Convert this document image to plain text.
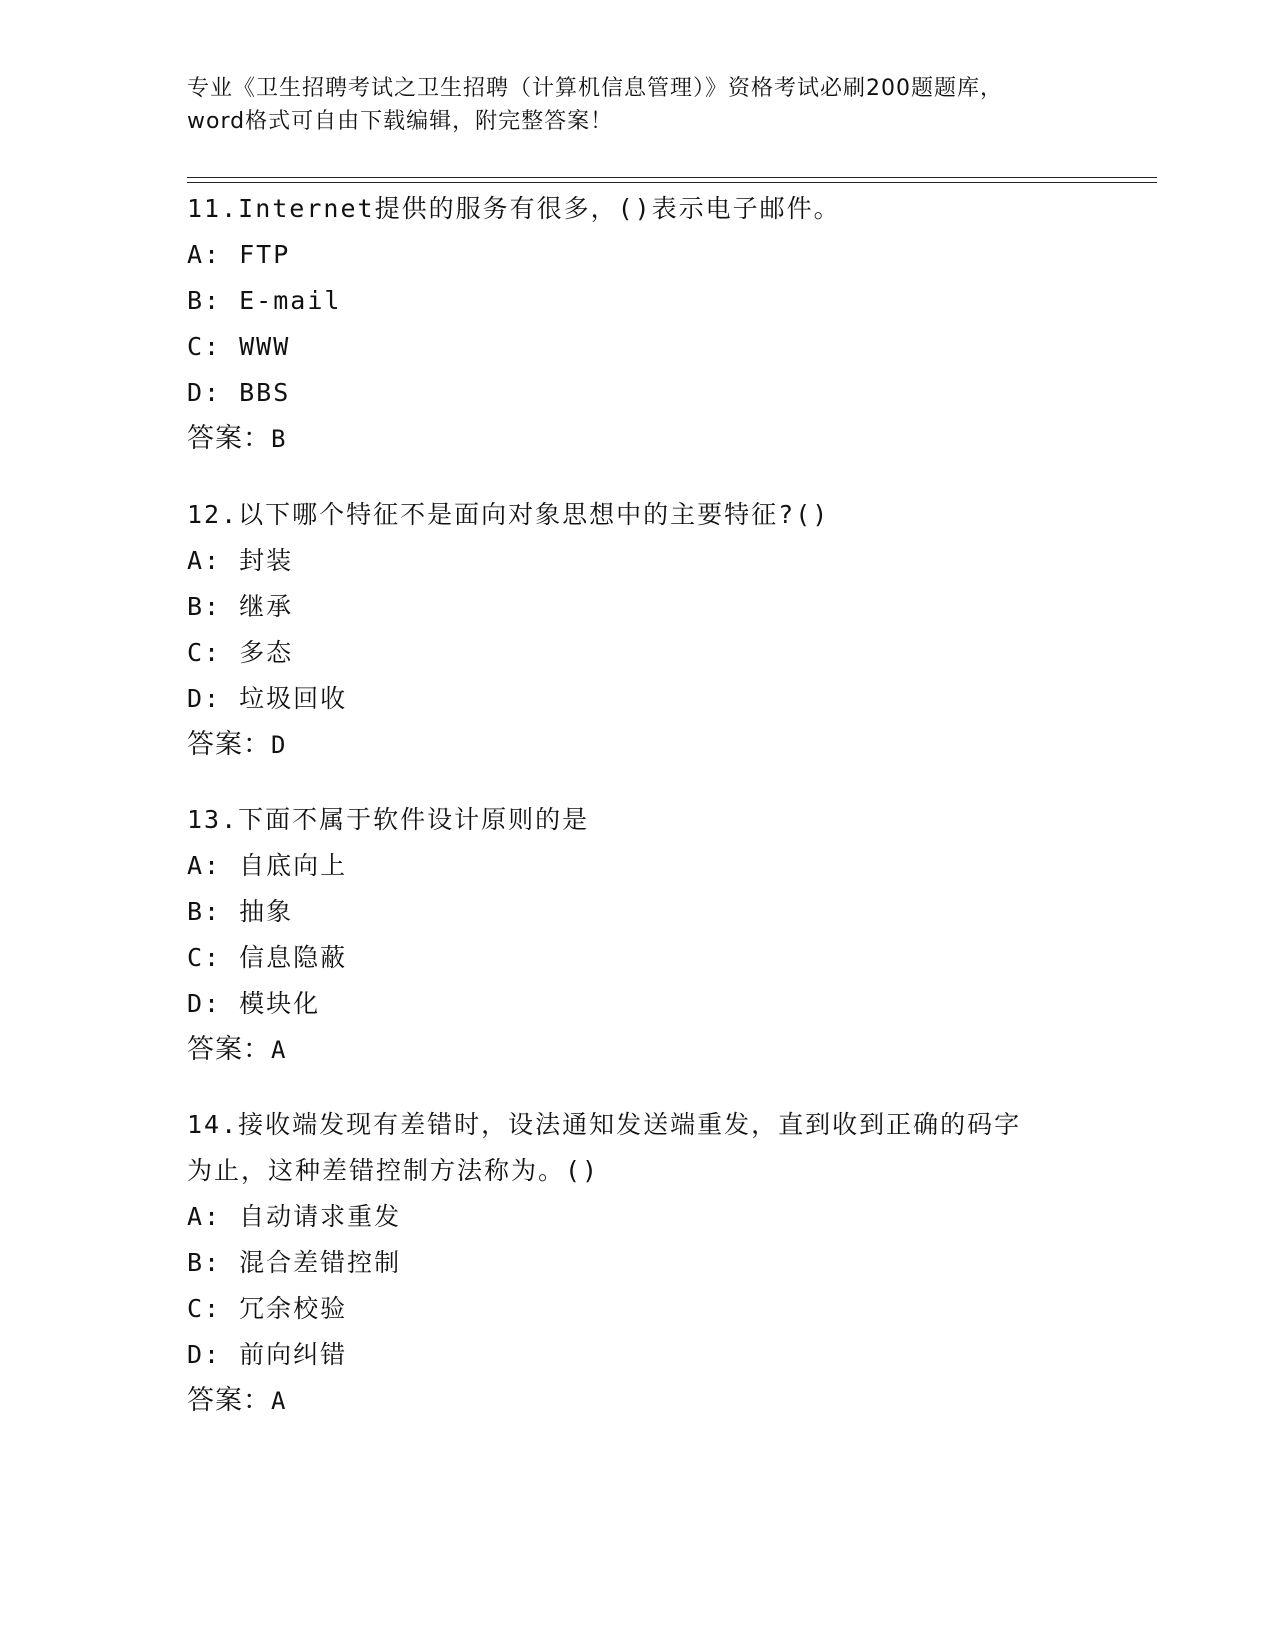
专业《卫生招聘考试之卫生招聘（计算机信息管理）》资格考试必刷200题题库，
word格式可自由下载编辑，附完整答案！
11.Internet提供的服务有很多，()表示电子邮件。
A: FTP
B: E-mail
C: WWW
D: BBS
答案：B
12.以下哪个特征不是面向对象思想中的主要特征?()
A: 封装
B: 继承
C: 多态
D: 垃圾回收
答案：D
13.下面不属于软件设计原则的是
A: 自底向上
B: 抽象
C: 信息隐蔽
D: 模块化
答案：A
14.接收端发现有差错时，设法通知发送端重发，直到收到正确的码字
为止，这种差错控制方法称为。()
A: 自动请求重发
B: 混合差错控制
C: 冗余校验
D: 前向纠错
答案：A
